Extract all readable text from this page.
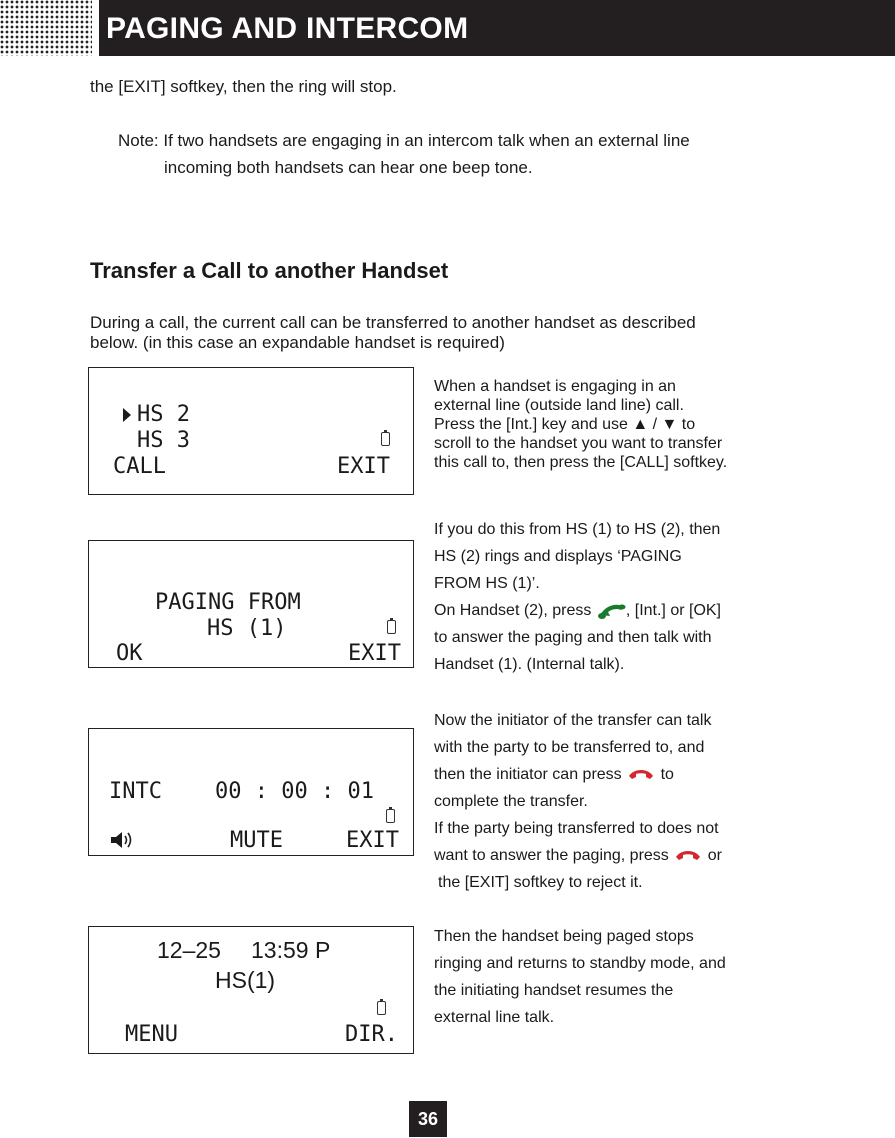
PAGING AND INTERCOM

the [EXIT] softkey, then the ring will stop.

Note: If two handsets are engaging in an intercom talk when an external line

incoming both handsets can hear one beep tone.

Transfer a Call to another Handset

During a call, the current call can be transferred to another handset as described

below. (in this case an expandable handset is required)

HS 2
HS 3
CALL	EXIT
When a handset is engaging in an
external line (outside land line) call.
Press the [Int.] key and use ▲ / ▼ to
scroll to the handset you want to transfer
this call to, then press the [CALL] softkey.
PAGING FROM
HS (1)
OK	EXIT
If you do this from HS (1) to HS (2), then
HS (2) rings and displays ‘PAGING
FROM HS (1)’.
On Handset (2), press , [Int.] or [OK]
to answer the paging and then talk with
Handset (1). (Internal talk).
INTC 00 : 00 : 01
MUTE	EXIT
Now the initiator of the transfer can talk
with the party to be transferred to, and
then the initiator can press to
complete the transfer.
If the party being transferred to does not
want to answer the paging, press or
the [EXIT] softkey to reject it.
12–25 13:59 P
HS(1)
MENU	DIR.
Then the handset being paged stops
ringing and returns to standby mode, and
the initiating handset resumes the
external line talk.
36
